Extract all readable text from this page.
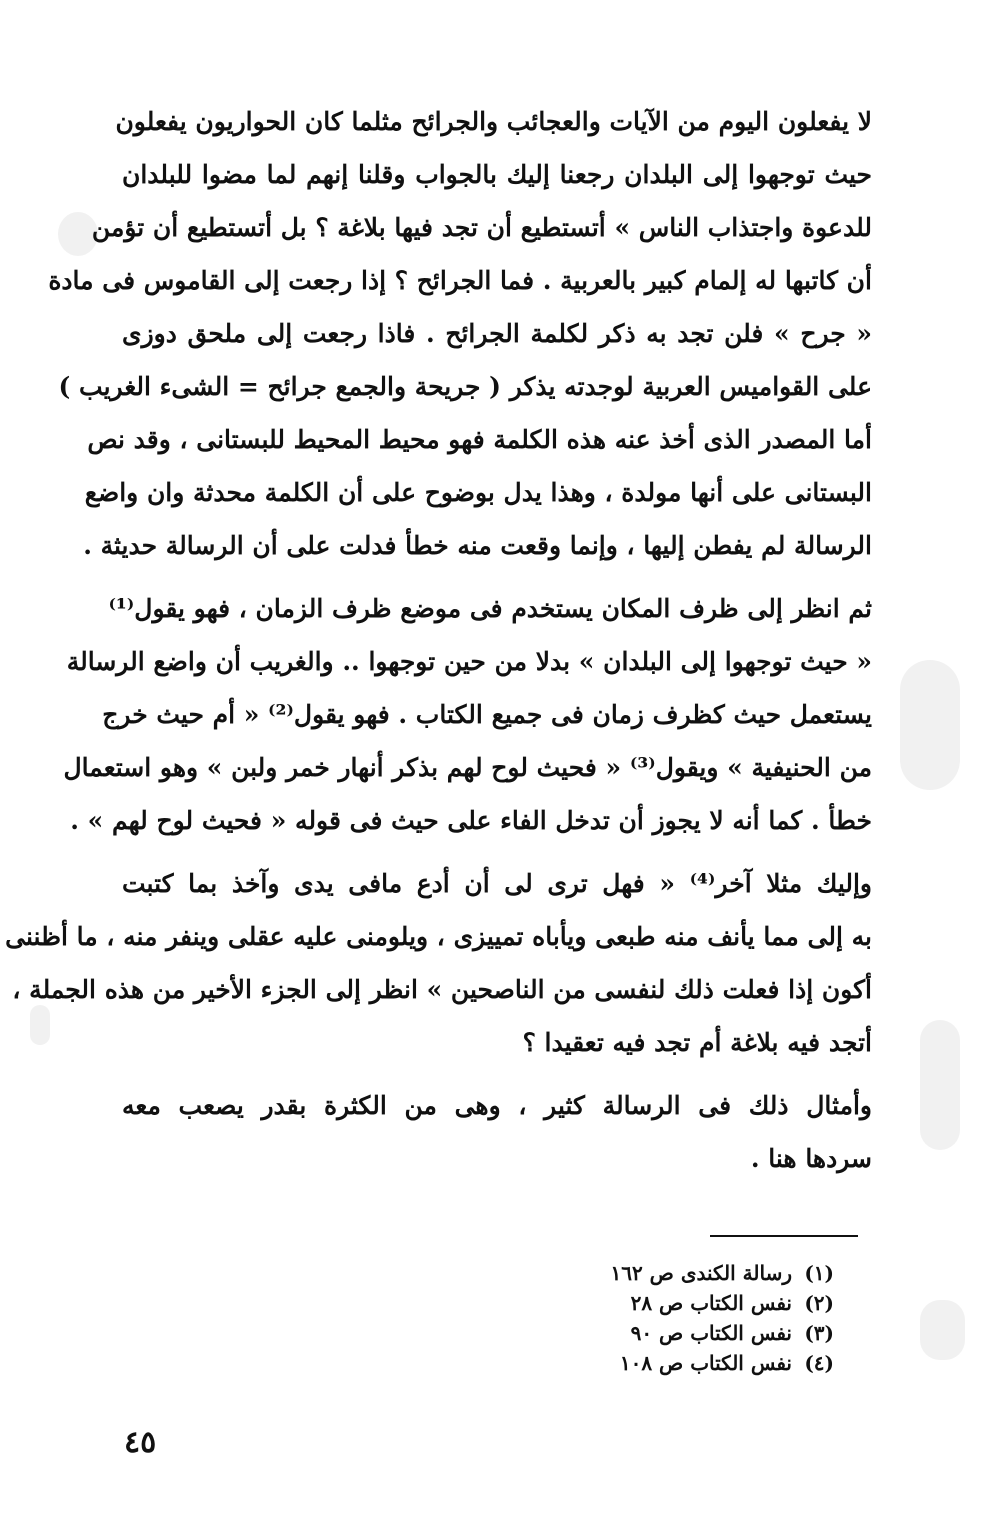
لا يفعلون اليوم من الآيات والعجائب والجرائح مثلما كان الحواريون يفعلون
حيث توجهوا إلى البلدان رجعنا إليك بالجواب وقلنا إنهم لما مضوا للبلدان
للدعوة واجتذاب الناس » أتستطيع أن تجد فيها بلاغة ؟ بل أتستطيع أن تؤمن
أن كاتبها له إلمام كبير بالعربية . فما الجرائح ؟ إذا رجعت إلى القاموس فى مادة
« جرح » فلن تجد به ذكر لكلمة الجرائح . فاذا رجعت إلى ملحق دوزى
على القواميس العربية لوجدته يذكر ( جريحة والجمع جرائح = الشىء الغريب )
أما المصدر الذى أخذ عنه هذه الكلمة فهو محيط المحيط للبستانى ، وقد نص
البستانى على أنها مولدة ، وهذا يدل بوضوح على أن الكلمة محدثة وان واضع
الرسالة لم يفطن إليها ، وإنما وقعت منه خطأ فدلت على أن الرسالة حديثة .
ثم انظر إلى ظرف المكان يستخدم فى موضع ظرف الزمان ، فهو يقول⁽¹⁾
« حيث توجهوا إلى البلدان » بدلا من حين توجهوا .. والغريب أن واضع الرسالة
يستعمل حيث كظرف زمان فى جميع الكتاب . فهو يقول⁽²⁾ « أم حيث خرج
من الحنيفية » ويقول⁽³⁾ « فحيث لوح لهم بذكر أنهار خمر ولبن » وهو استعمال
خطأ . كما أنه لا يجوز أن تدخل الفاء على حيث فى قوله « فحيث لوح لهم » .
وإليك مثلا آخر⁽⁴⁾ « فهل ترى لى أن أدع مافى يدى وآخذ بما كتبت
به إلى مما يأنف منه طبعى ويأباه تمييزى ، ويلومنى عليه عقلى وينفر منه ، ما أظننى
أكون إذا فعلت ذلك لنفسى من الناصحين » انظر إلى الجزء الأخير من هذه الجملة ،
أتجد فيه بلاغة أم تجد فيه تعقيدا ؟
وأمثال ذلك فى الرسالة كثير ، وهى من الكثرة بقدر يصعب معه
سردها هنا .
(١)رسالة الكندى ص ١٦٢
(٢)نفس الكتاب ص ٢٨
(٣)نفس الكتاب ص ٩٠
(٤)نفس الكتاب ص ١٠٨
٤٥
